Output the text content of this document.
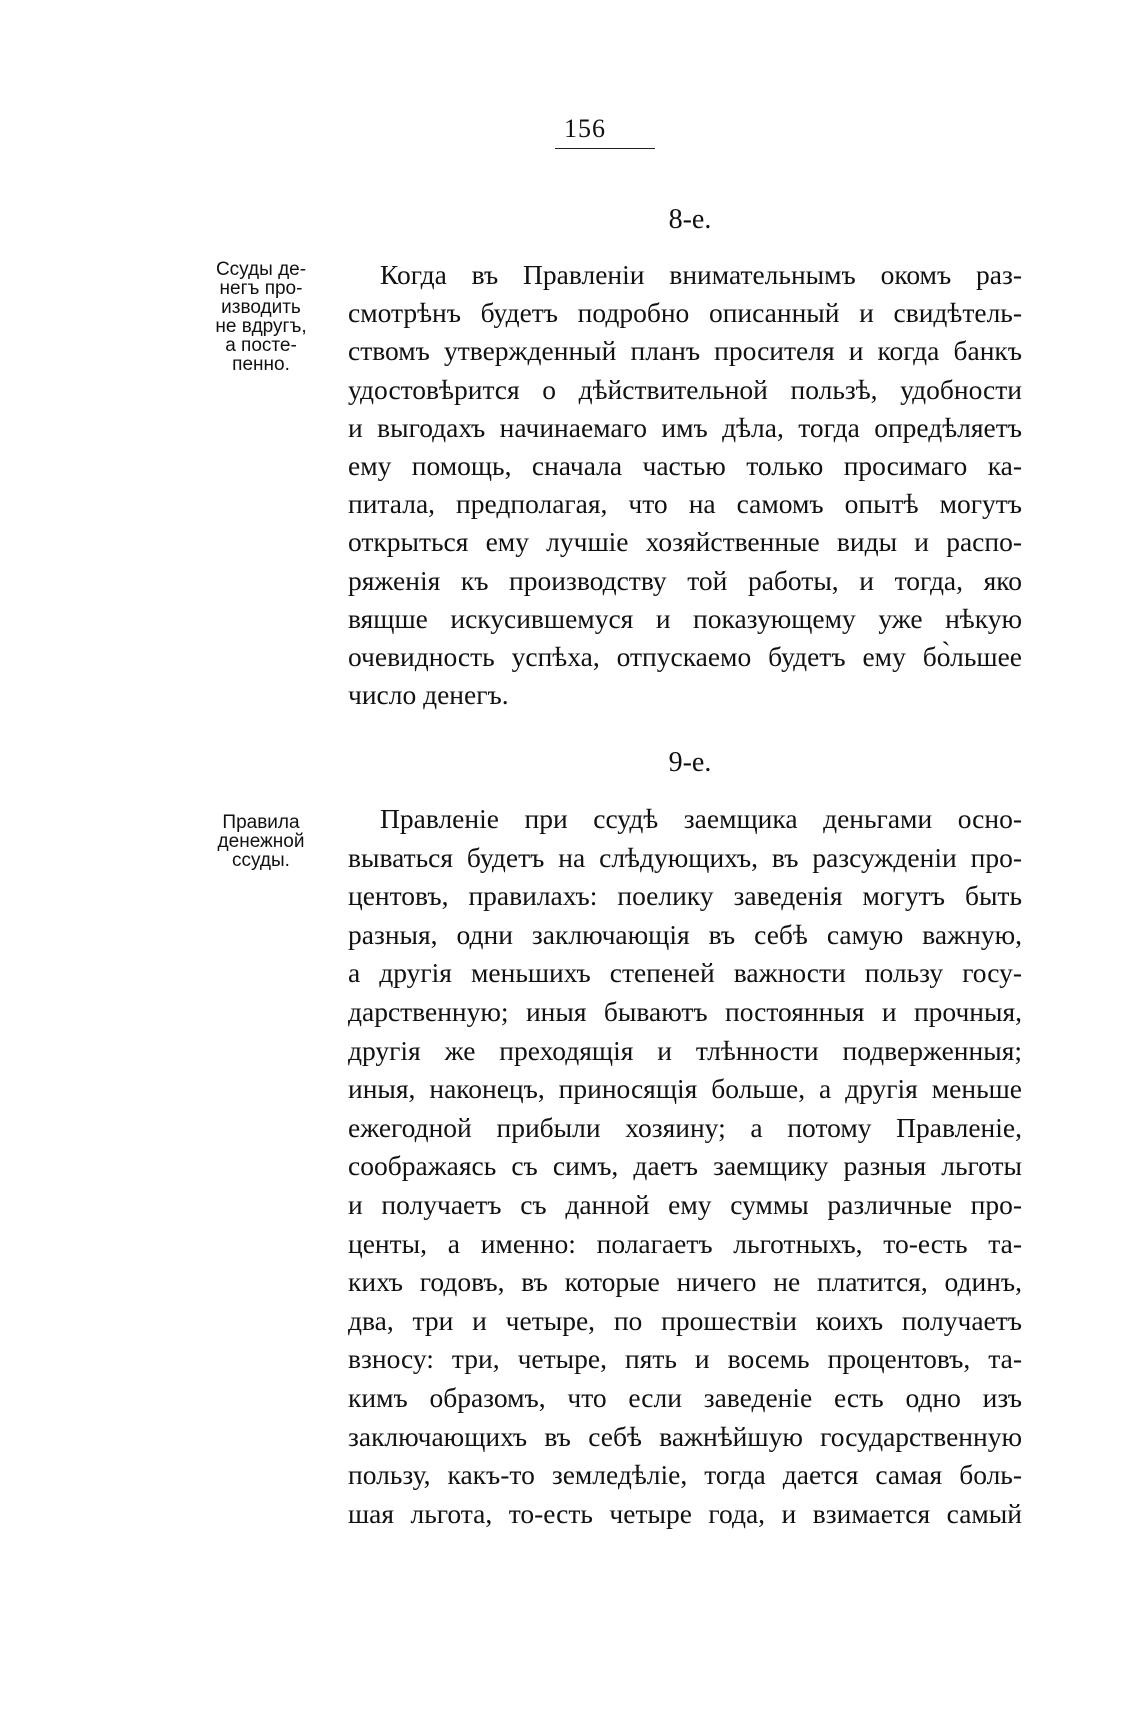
156
8-е.
Ссуды де-
негъ про-
изводить
не вдругъ,
а посте-
пенно.
Когда въ Правленіи внимательнымъ окомъ раз-
смотрѣнъ будетъ подробно описанный и свидѣтель-
ствомъ утвержденный планъ просителя и когда банкъ
удостовѣрится о дѣйствительной пользѣ, удобности
и выгодахъ начинаемаго имъ дѣла, тогда опредѣляетъ
ему помощь, сначала частью только просимаго ка-
питала, предполагая, что на самомъ опытѣ могутъ
открыться ему лучшіе хозяйственные виды и распо-
ряженія къ производству той работы, и тогда, яко
вящше искусившемуся и показующему уже нѣкую
очевидность успѣха, отпускаемо будетъ ему бо̀льшее
число денегъ.
9-е.
Правила
денежной
ссуды.
Правленіе при ссудѣ заемщика деньгами осно-
вываться будетъ на слѣдующихъ, въ разсужденіи про-
центовъ, правилахъ: поелику заведенія могутъ быть
разныя, одни заключающія въ себѣ самую важную,
а другія меньшихъ степеней важности пользу госу-
дарственную; иныя бываютъ постоянныя и прочныя,
другія же преходящія и тлѣнности подверженныя;
иныя, наконецъ, приносящія больше, а другія меньше
ежегодной прибыли хозяину; а потому Правленіе,
соображаясь съ симъ, даетъ заемщику разныя льготы
и получаетъ съ данной ему суммы различные про-
центы, а именно: полагаетъ льготныхъ, то-есть та-
кихъ годовъ, въ которые ничего не платится, одинъ,
два, три и четыре, по прошествіи коихъ получаетъ
взносу: три, четыре, пять и восемь процентовъ, та-
кимъ образомъ, что если заведеніе есть одно изъ
заключающихъ въ себѣ важнѣйшую государственную
пользу, какъ-то земледѣліе, тогда дается самая боль-
шая льгота, то-есть четыре года, и взимается самый
